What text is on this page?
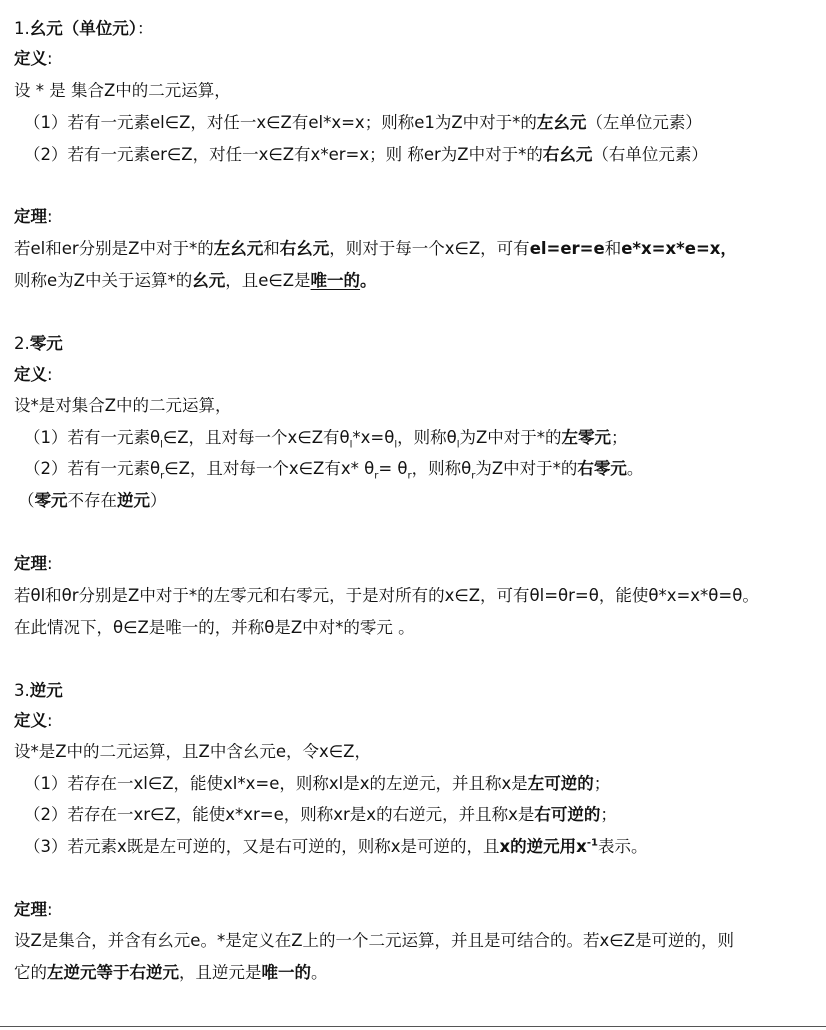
1.幺元（单位元）：
定义:
设 * 是 集合Z中的二元运算，
（1）若有一元素el∈Z，对任一x∈Z有el*x=x；则称e1为Z中对于*的左幺元（左单位元素）
（2）若有一元素er∈Z，对任一x∈Z有x*er=x；则 称er为Z中对于*的右幺元（右单位元素）
定理:
若el和er分别是Z中对于*的左幺元和右幺元，则对于每一个x∈Z，可有el=er=e和e*x=x*e=x，
则称e为Z中关于运算*的幺元，且e∈Z是唯一的。
2.零元
定义:
设*是对集合Z中的二元运算，
（1）若有一元素$\theta_l\in Z$，且对每一个x∈Z有$\theta_l*x=\theta_l$，则称$\theta_l$为Z中对于*的左零元；
（2）若有一元素$\theta_r\in Z$，且对每一个x∈Z有x* $\theta_r= \theta_r$，则称$\theta_r$为Z中对于*的右零元。
（零元不存在逆元）
定理:
若θl和θr分别是Z中对于*的左零元和右零元，于是对所有的x∈Z，可有θl=θr=θ，能使θ*x=x*θ=θ。
在此情况下，θ∈Z是唯一的，并称θ是Z中对*的零元 。
3.逆元
定义:
设*是Z中的二元运算，且Z中含幺元e，令x∈Z，
（1）若存在一xl∈Z，能使xl*x=e，则称xl是x的左逆元，并且称x是左可逆的；
（2）若存在一xr∈Z，能使x*xr=e，则称xr是x的右逆元，并且称x是右可逆的；
（3）若元素x既是左可逆的，又是右可逆的，则称x是可逆的，且x的逆元用$x^{-1}$表示。
定理:
设Z是集合，并含有幺元e。*是定义在Z上的一个二元运算，并且是可结合的。若x∈Z是可逆的，则
它的左逆元等于右逆元，且逆元是唯一的。
